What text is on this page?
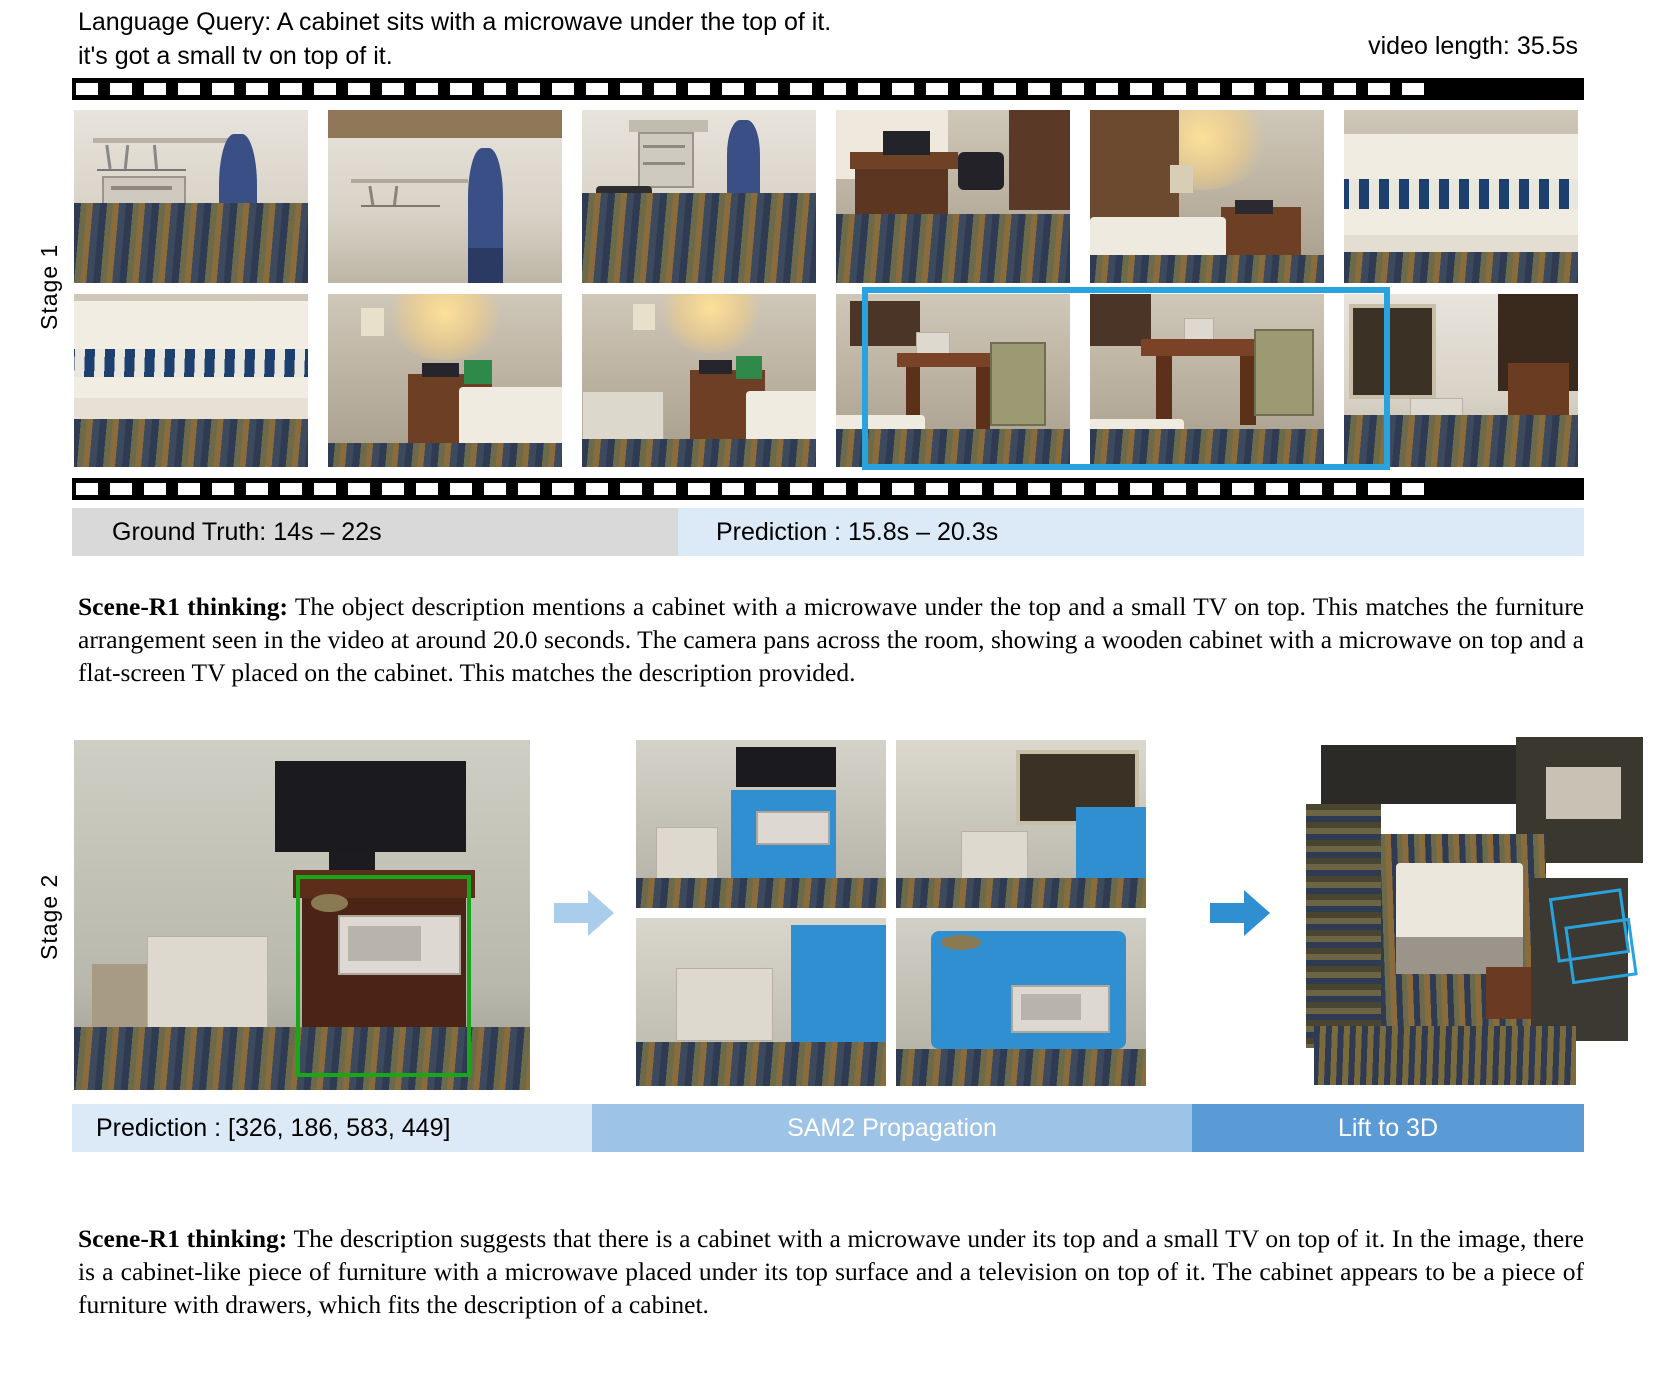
Language Query: A cabinet sits with a microwave under the top of it. it's got a small tv on top of it.	video length: 35.5s
Stage 1
Stage 2
Ground Truth: 14s – 22s	Prediction : 15.8s – 20.3s
Scene-R1 thinking: The object description mentions a cabinet with a microwave under the top and a small TV on top. This matches the furniture arrangement seen in the video at around 20.0 seconds. The camera pans across the room, showing a wooden cabinet with a microwave on top and a flat-screen TV placed on the cabinet. This matches the description provided.
Prediction : [326, 186, 583, 449]	SAM2 Propagation	Lift to 3D
Scene-R1 thinking: The description suggests that there is a cabinet with a microwave under its top and a small TV on top of it. In the image, there is a cabinet-like piece of furniture with a microwave placed under its top surface and a television on top of it. The cabinet appears to be a piece of furniture with drawers, which fits the description of a cabinet.
